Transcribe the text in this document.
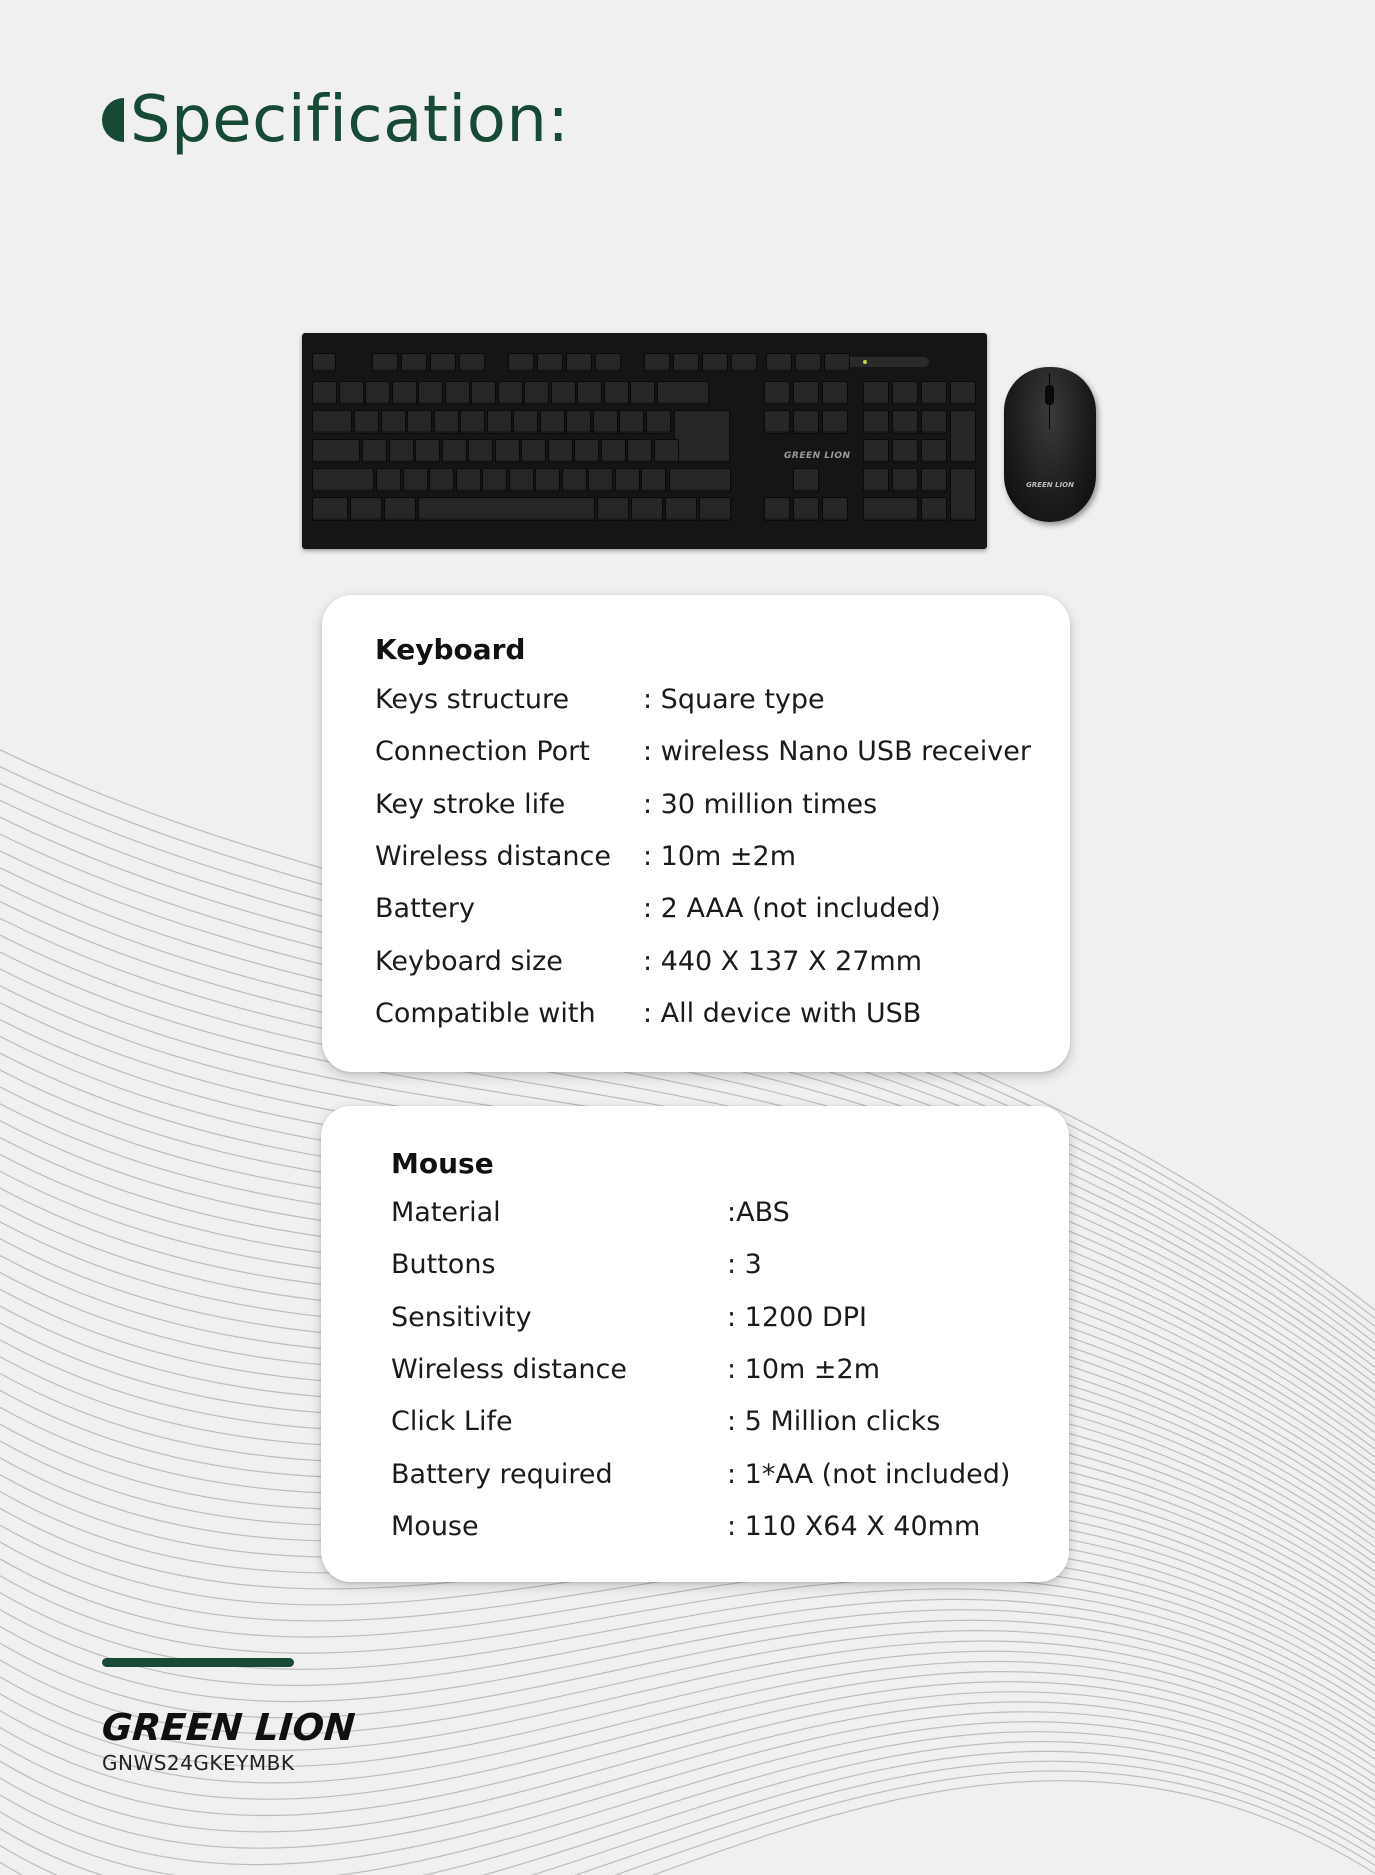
Specification:
GREEN LION
GREEN LION
Keyboard
Keys structure	: Square type
Connection Port : wireless Nano USB receiver
Key stroke life	: 30 million times
Wireless distance : 10m ±2m
Battery	: 2 AAA (not included)
Keyboard size	: 440 X 137 X 27mm
Compatible with : All device with USB
Mouse
Material	:ABS
Buttons	: 3
Sensitivity	: 1200 DPI
Wireless distance	: 10m ±2m
Click Life	: 5 Million clicks
Battery required	: 1*AA (not included)
Mouse	: 110 X64 X 40mm
GREEN LION
GNWS24GKEYMBK
